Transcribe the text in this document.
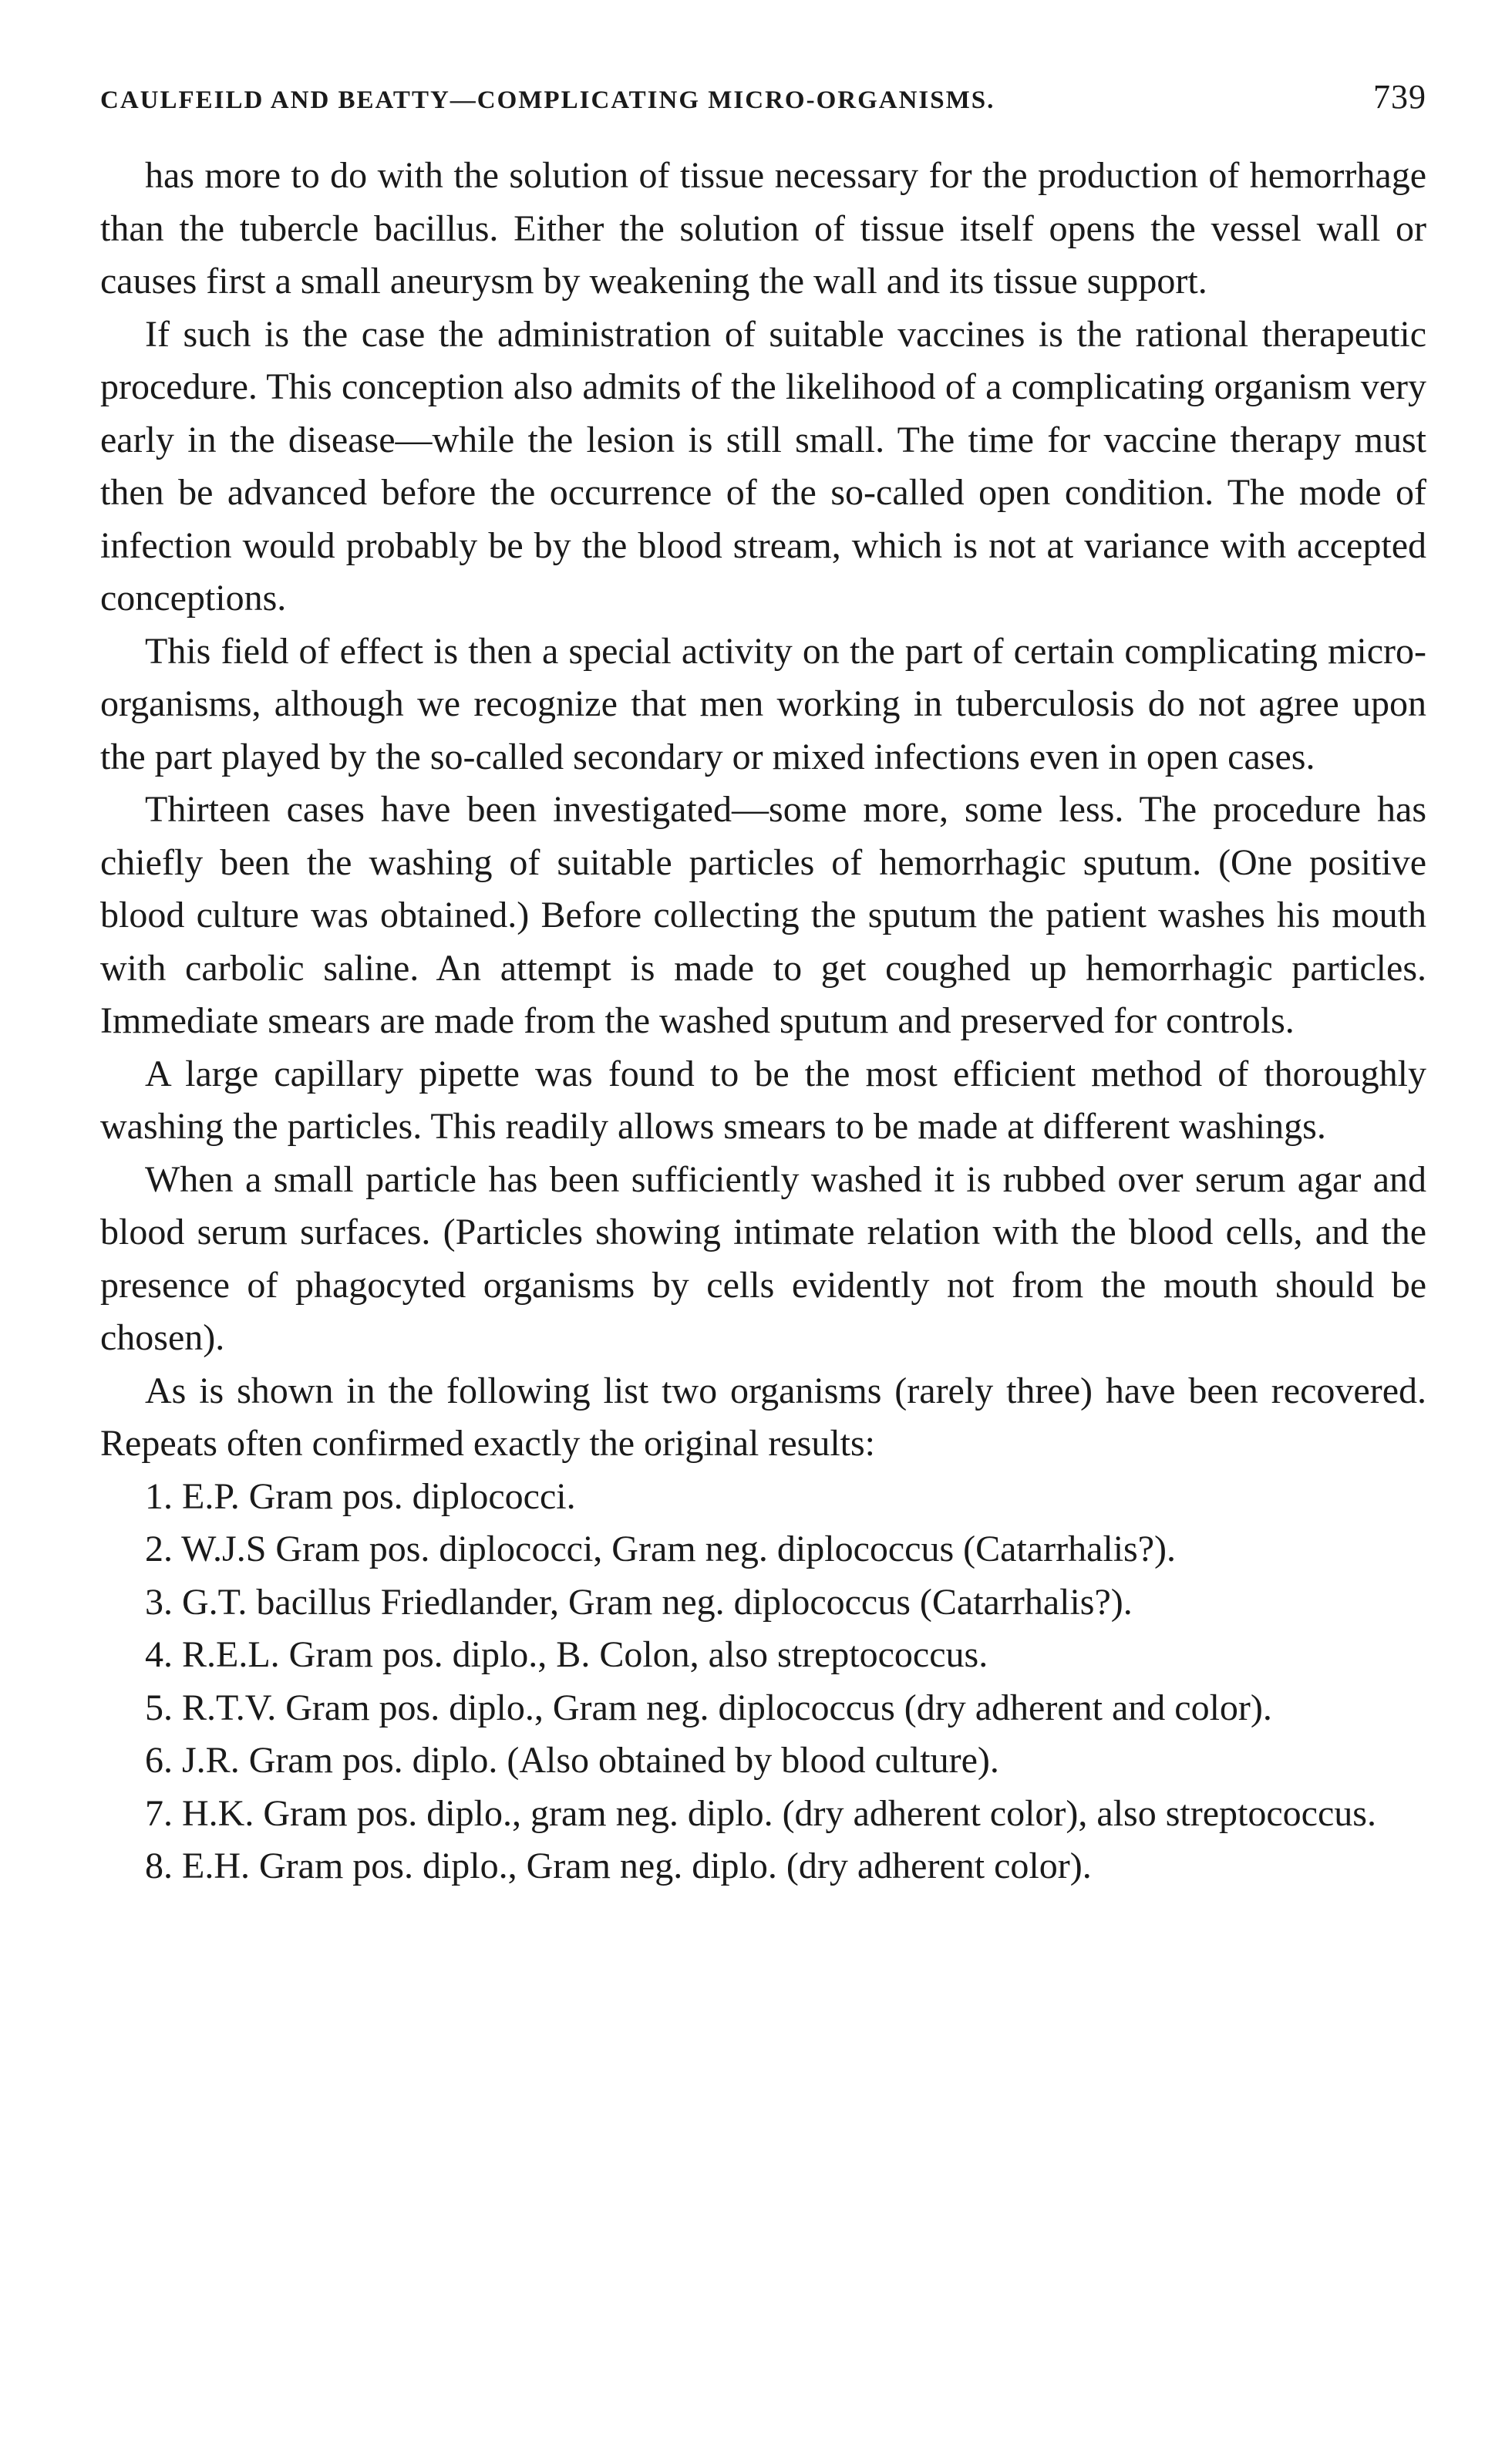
CAULFEILD AND BEATTY—COMPLICATING MICRO-ORGANISMS.	739

has more to do with the solution of tissue necessary for the production of hemorrhage than the tubercle bacillus. Either the solution of tissue itself opens the vessel wall or causes first a small aneurysm by weakening the wall and its tissue support.

If such is the case the administration of suitable vaccines is the rational therapeutic procedure. This conception also admits of the likelihood of a complicating organism very early in the disease—while the lesion is still small. The time for vaccine therapy must then be advanced before the occurrence of the so-called open condition. The mode of infection would probably be by the blood stream, which is not at variance with accepted conceptions.

This field of effect is then a special activity on the part of certain complicating micro-organisms, although we recognize that men working in tuberculosis do not agree upon the part played by the so-called secondary or mixed infections even in open cases.

Thirteen cases have been investigated—some more, some less. The procedure has chiefly been the washing of suitable particles of hemorrhagic sputum. (One positive blood culture was obtained.) Before collecting the sputum the patient washes his mouth with carbolic saline. An attempt is made to get coughed up hemorrhagic particles. Immediate smears are made from the washed sputum and preserved for controls.

A large capillary pipette was found to be the most efficient method of thoroughly washing the particles. This readily allows smears to be made at different washings.

When a small particle has been sufficiently washed it is rubbed over serum agar and blood serum surfaces. (Particles showing intimate relation with the blood cells, and the presence of phagocyted organisms by cells evidently not from the mouth should be chosen).

As is shown in the following list two organisms (rarely three) have been recovered. Repeats often confirmed exactly the original results:

1. E.P. Gram pos. diplococci.
2. W.J.S Gram pos. diplococci, Gram neg. diplococcus (Catarrhalis?).
3. G.T. bacillus Friedlander, Gram neg. diplococcus (Catarrhalis?).
4. R.E.L. Gram pos. diplo., B. Colon, also streptococcus.
5. R.T.V. Gram pos. diplo., Gram neg. diplococcus (dry adherent and color).
6. J.R. Gram pos. diplo. (Also obtained by blood culture).
7. H.K. Gram pos. diplo., gram neg. diplo. (dry adherent color), also streptococcus.
8. E.H. Gram pos. diplo., Gram neg. diplo. (dry adherent color).
